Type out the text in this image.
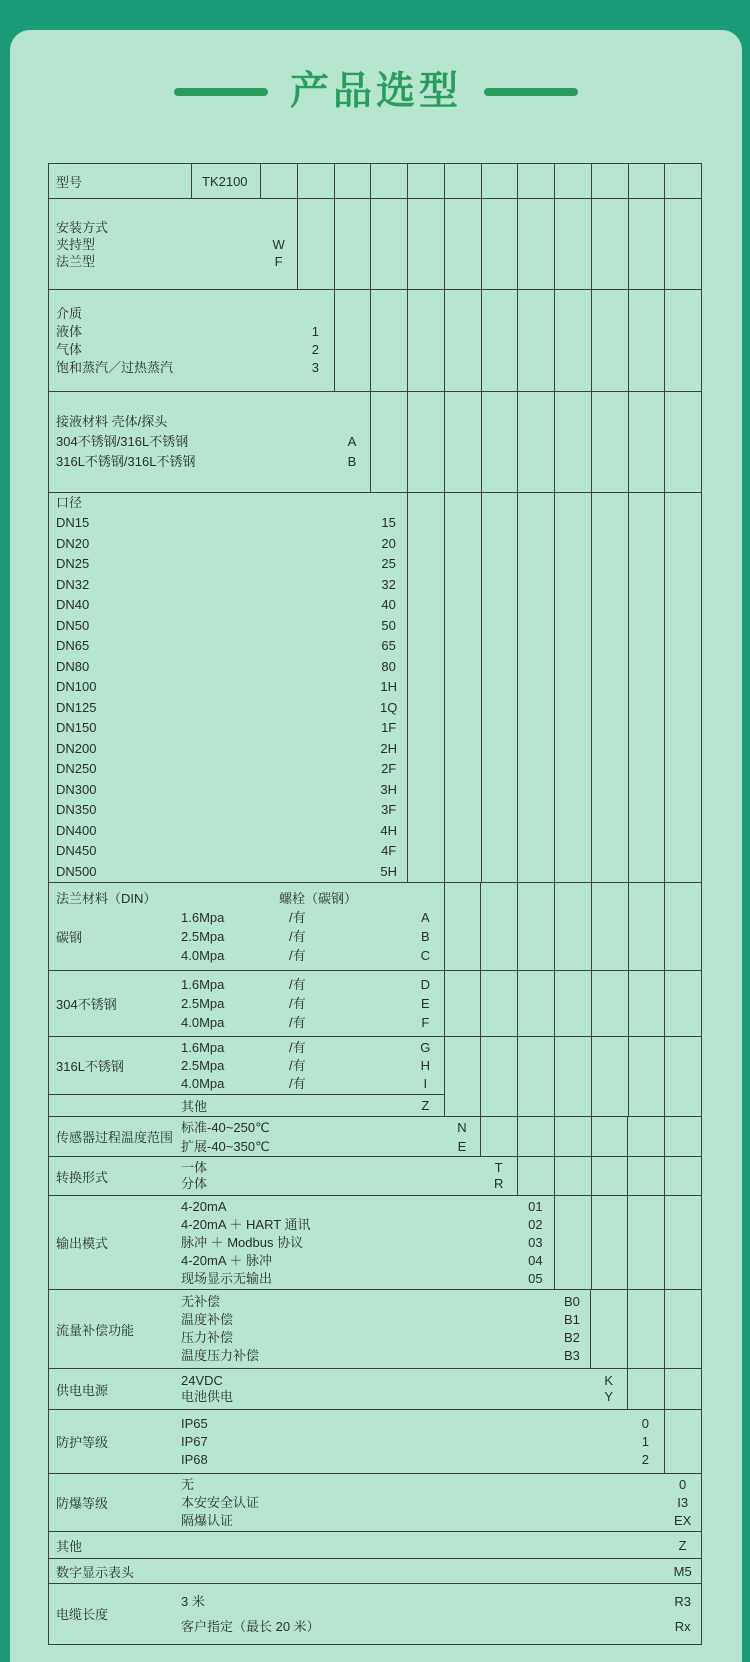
产品选型
型号	TK2100
安装方式
夹持型	W
法兰型	F
介质
液体	1
气体	2
饱和蒸汽／过热蒸汽	3
接液材料 壳体/探头
304不锈钢/316L不锈钢	A
316L不锈钢/316L不锈钢	B
口径
DN15	15
DN20	20
DN25	25
DN32	32
DN40	40
DN50	50
DN65	65
DN80	80
DN100	1H
DN125	1Q
DN150	1F
DN200	2H
DN250	2F
DN300	3H
DN350	3F
DN400	4H
DN450	4F
DN500	5H
法兰材料（DIN）	螺栓（碳钢）
碳钢
1.6Mpa	/有	A
2.5Mpa	/有	B
4.0Mpa	/有	C
304不锈钢
1.6Mpa	/有	D
2.5Mpa	/有	E
4.0Mpa	/有	F
316L不锈钢
1.6Mpa	/有	G
2.5Mpa	/有	H
4.0Mpa	/有	I
其他	Z
传感器过程温度范围
标准-40~250℃	N
扩展-40~350℃	E
转换形式
一体	T
分体	R
输出模式
4-20mA	01
4-20mA ＋ HART 通讯	02
脉冲 ＋ Modbus 协议	03
4-20mA ＋ 脉冲	04
现场显示无输出	05
流量补偿功能
无补偿	B0
温度补偿	B1
压力补偿	B2
温度压力补偿	B3
供电电源
24VDC	K
电池供电	Y
防护等级
IP65	0
IP67	1
IP68	2
防爆等级
无	0
本安安全认证	I3
隔爆认证	EX
其他	Z
数字显示表头	M5
电缆长度
3 米	R3
客户指定（最长 20 米）	Rx
